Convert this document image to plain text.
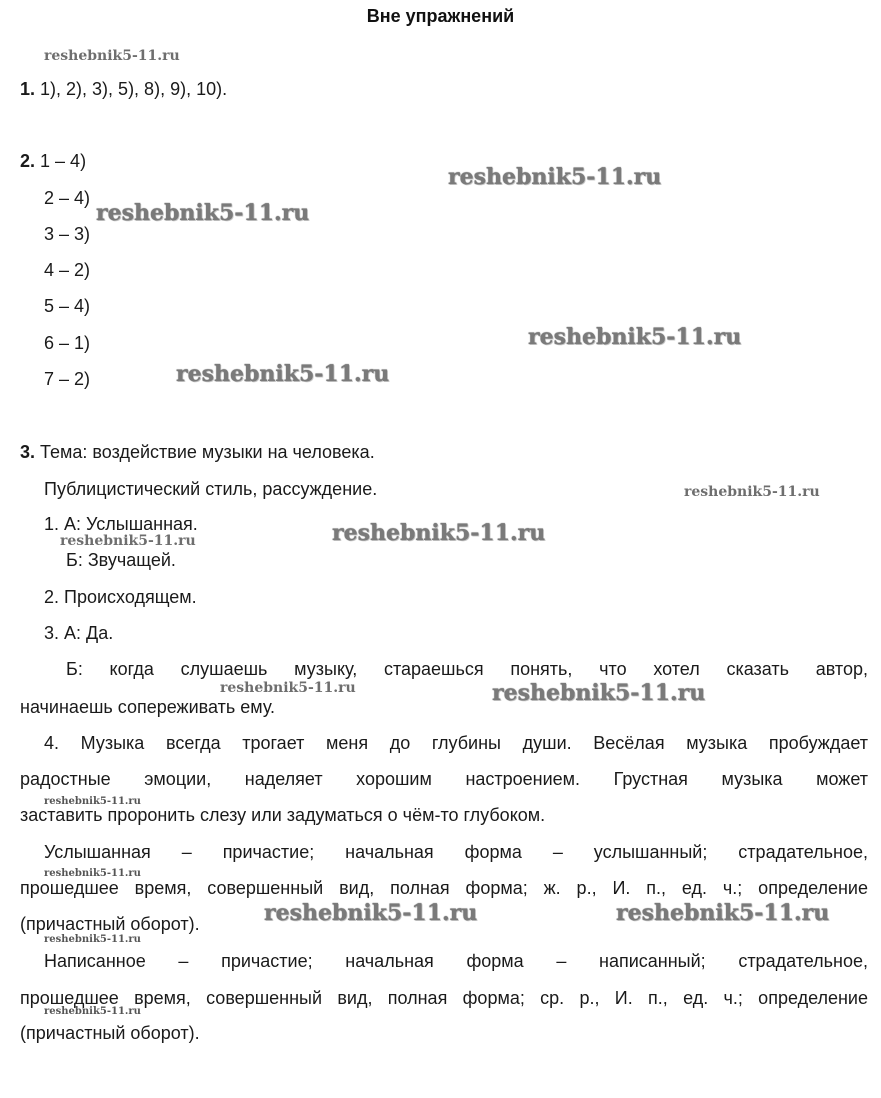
Вне упражнений
1. 1), 2), 3), 5), 8), 9), 10).
2. 1 – 4)
2 – 4)
3 – 3)
4 – 2)
5 – 4)
6 – 1)
7 – 2)
3. Тема: воздействие музыки на человека.
Публицистический стиль, рассуждение.
1. А: Услышанная.
Б: Звучащей.
2. Происходящем.
3. А: Да.
Б: когда слушаешь музыку, стараешься понять, что хотел сказать автор,
начинаешь сопереживать ему.
4. Музыка всегда трогает меня до глубины души. Весёлая музыка пробуждает
радостные эмоции, наделяет хорошим настроением. Грустная музыка может
заставить проронить слезу или задуматься о чём-то глубоком.
Услышанная – причастие; начальная форма – услышанный; страдательное,
прошедшее время, совершенный вид, полная форма; ж. р., И. п., ед. ч.; определение
(причастный оборот).
Написанное – причастие; начальная форма – написанный; страдательное,
прошедшее время, совершенный вид, полная форма; ср. р., И. п., ед. ч.; определение
(причастный оборот).
reshebnik5-11.ru
reshebnik5-11.ru
reshebnik5-11.ru
reshebnik5-11.ru
reshebnik5-11.ru
reshebnik5-11.ru
reshebnik5-11.ru
reshebnik5-11.ru
reshebnik5-11.ru	reshebnik5-11.ru
reshebnik5-11.ru
reshebnik5-11.ru
reshebnik5-11.ru	reshebnik5-11.ru
reshebnik5-11.ru
reshebnik5-11.ru
